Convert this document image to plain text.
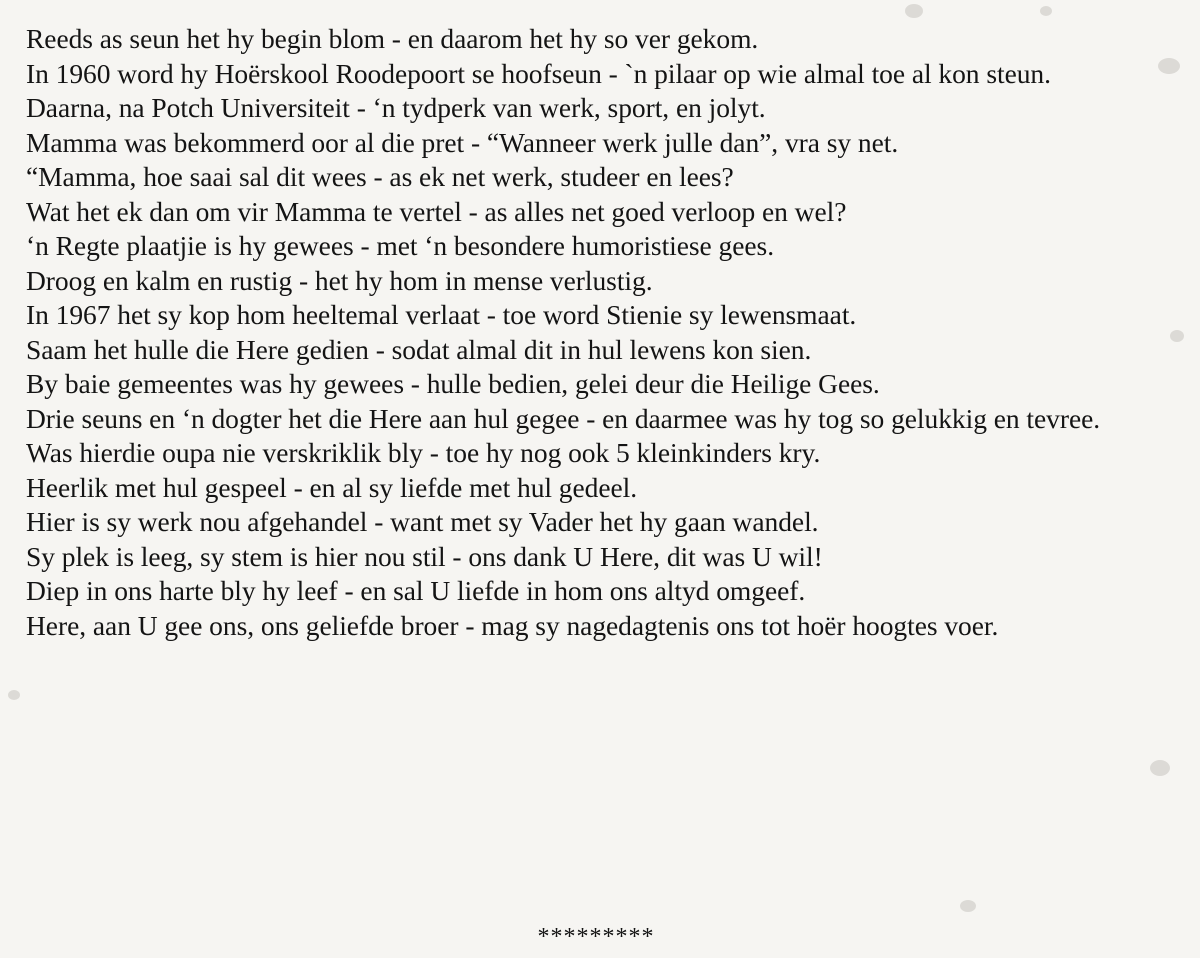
Reeds as seun het hy begin blom - en daarom het hy so ver gekom.
In 1960 word hy Hoërskool Roodepoort se hoofseun - `n pilaar op wie almal toe al kon steun.
Daarna, na Potch Universiteit - ‘n tydperk van werk, sport, en jolyt.
Mamma was bekommerd oor al die pret - “Wanneer werk julle dan”, vra sy net.
“Mamma, hoe saai sal dit wees - as ek net werk, studeer en lees?
Wat het ek dan om vir Mamma te vertel - as alles net goed verloop en wel?
‘n Regte plaatjie is hy gewees - met ‘n besondere humoristiese gees.
Droog en kalm en rustig - het hy hom in mense verlustig.
In 1967 het sy kop hom heeltemal verlaat - toe word Stienie sy lewensmaat.
Saam het hulle die Here gedien - sodat almal dit in hul lewens kon sien.
By baie gemeentes was hy gewees - hulle bedien, gelei deur die Heilige Gees.
Drie seuns en ‘n dogter het die Here aan hul gegee - en daarmee was hy tog so gelukkig en tevree.
Was hierdie oupa nie verskriklik bly - toe hy nog ook 5 kleinkinders kry.
Heerlik met hul gespeel - en al sy liefde met hul gedeel.
Hier is sy werk nou afgehandel - want met sy Vader het hy gaan wandel.
Sy plek is leeg, sy stem is hier nou stil - ons dank U Here, dit was U wil!
Diep in ons harte bly hy leef - en sal U liefde in hom ons altyd omgeef.
Here, aan U gee ons, ons geliefde broer - mag sy nagedagtenis ons tot hoër hoogtes voer.
*********
